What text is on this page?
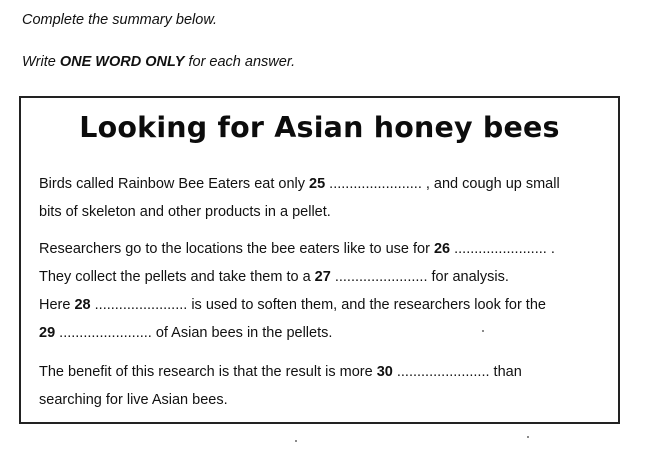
Complete the summary below.
Write ONE WORD ONLY for each answer.
Looking for Asian honey bees
Birds called Rainbow Bee Eaters eat only 25 ....................... , and cough up small
bits of skeleton and other products in a pellet.
Researchers go to the locations the bee eaters like to use for 26 ....................... .
They collect the pellets and take them to a 27 ....................... for analysis.
Here 28 ....................... is used to soften them, and the researchers look for the
29 ....................... of Asian bees in the pellets.
The benefit of this research is that the result is more 30 ....................... than
searching for live Asian bees.
